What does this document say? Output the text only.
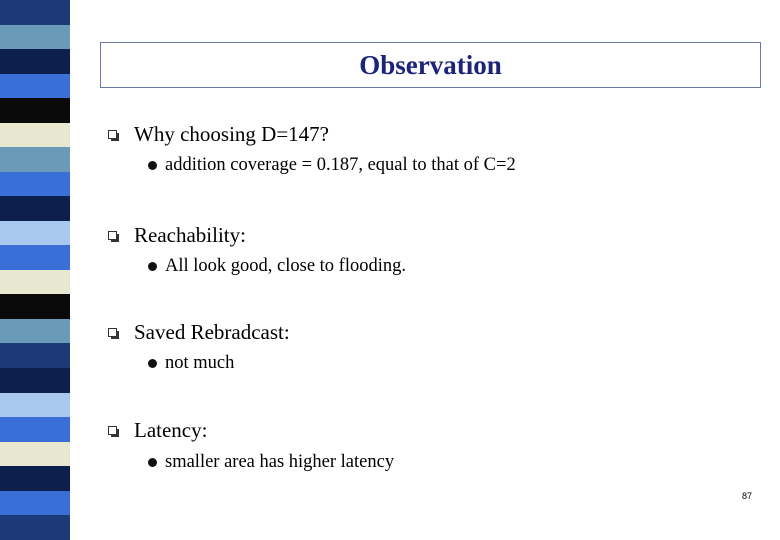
Observation
Why choosing D=147?
addition coverage = 0.187, equal to that of C=2
Reachability:
All look good, close to flooding.
Saved Rebradcast:
not much
Latency:
smaller area has higher latency
87
